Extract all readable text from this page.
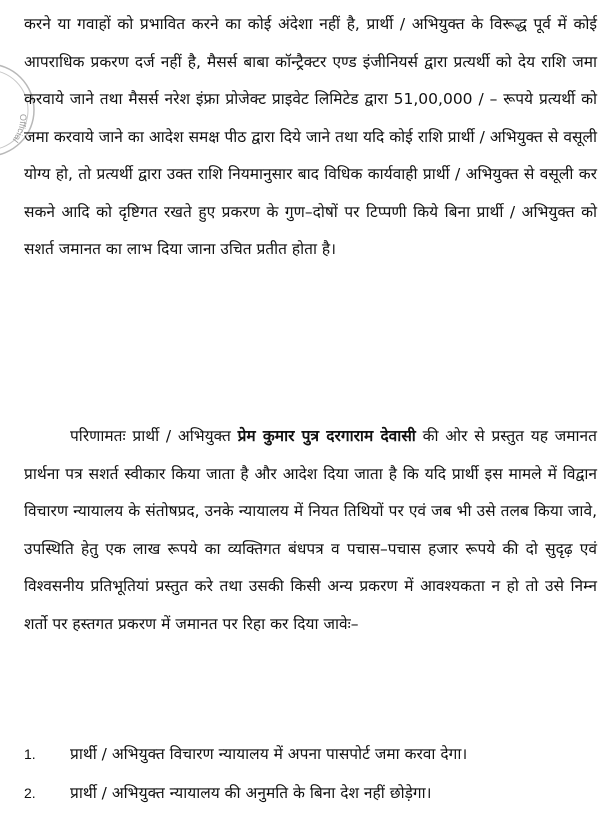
Official

करने या गवाहों को प्रभावित करने का कोई अंदेशा नहीं है, प्रार्थी / अभियुक्त के विरूद्ध पूर्व में कोई आपराधिक प्रकरण दर्ज नहीं है, मैसर्स बाबा कॉन्ट्रैक्टर एण्ड इंजीनियर्स द्वारा प्रत्यर्थी को देय राशि जमा करवाये जाने तथा मैसर्स नरेश इंफ्रा प्रोजेक्ट प्राइवेट लिमिटेड द्वारा 51,00,000 / – रूपये प्रत्यर्थी को जमा करवाये जाने का आदेश समक्ष पीठ द्वारा दिये जाने तथा यदि कोई राशि प्रार्थी / अभियुक्त से वसूली योग्य हो, तो प्रत्यर्थी द्वारा उक्त राशि नियमानुसार बाद विधिक कार्यवाही प्रार्थी / अभियुक्त से वसूली कर सकने आदि को दृष्टिगत रखते हुए प्रकरण के गुण–दोषों पर टिप्पणी किये बिना प्रार्थी / अभियुक्त को सशर्त जमानत का लाभ दिया जाना उचित प्रतीत होता है।

परिणामतः प्रार्थी / अभियुक्त प्रेम कुमार पुत्र दरगाराम देवासी की ओर से प्रस्तुत यह जमानत प्रार्थना पत्र सशर्त स्वीकार किया जाता है और आदेश दिया जाता है कि यदि प्रार्थी इस मामले में विद्वान विचारण न्यायालय के संतोषप्रद, उनके न्यायालय में नियत तिथियों पर एवं जब भी उसे तलब किया जावे, उपस्थिति हेतु एक लाख रूपये का व्यक्तिगत बंधपत्र व पचास–पचास हजार रूपये की दो सुदृढ़ एवं विश्वसनीय प्रतिभूतियां प्रस्तुत करे तथा उसकी किसी अन्य प्रकरण में आवश्यकता न हो तो उसे निम्न शर्तो पर हस्तगत प्रकरण में जमानत पर रिहा कर दिया जावेः–

1. प्रार्थी / अभियुक्त विचारण न्यायालय में अपना पासपोर्ट जमा करवा देगा।
2. प्रार्थी / अभियुक्त न्यायालय की अनुमति के बिना देश नहीं छोड़ेगा।
